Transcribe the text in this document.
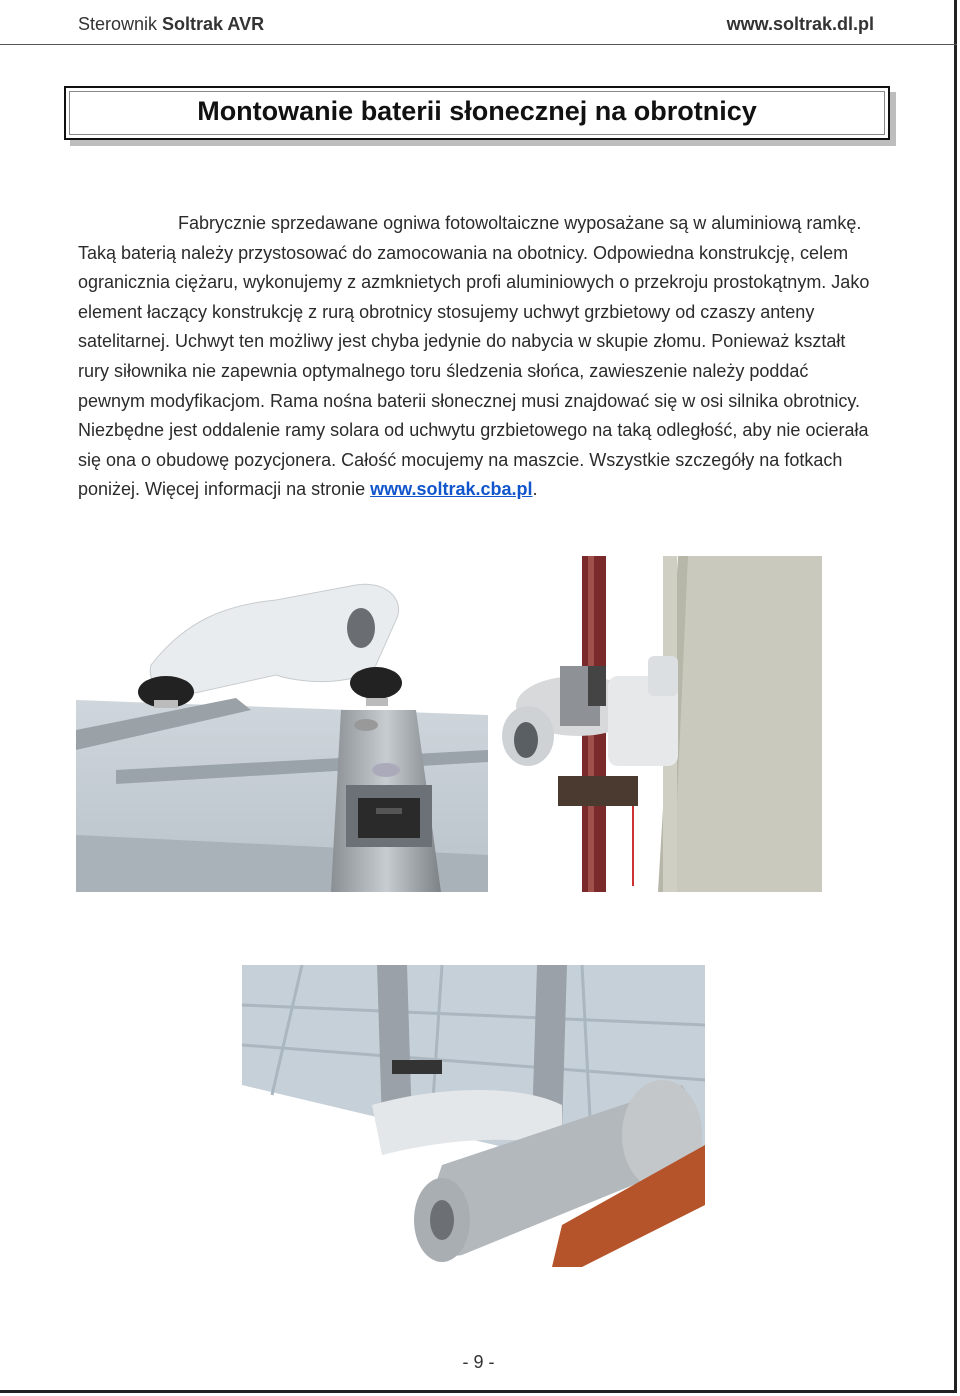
Sterownik Soltrak AVR	www.soltrak.dl.pl
Montowanie baterii słonecznej na obrotnicy

Fabrycznie sprzedawane ogniwa fotowoltaiczne wyposażane są w aluminiową ramkę. Taką baterią należy przystosować do zamocowania na obotnicy. Odpowiedna konstrukcję, celem ogranicznia ciężaru, wykonujemy z azmknietych profi aluminiowych o przekroju prostokątnym. Jako element łaczący konstrukcję z rurą obrotnicy stosujemy uchwyt grzbietowy od czaszy anteny satelitarnej. Uchwyt ten możliwy jest chyba jedynie do nabycia w skupie złomu. Ponieważ kształt rury siłownika nie zapewnia optymalnego toru śledzenia słońca, zawieszenie należy poddać pewnym modyfikacjom. Rama nośna baterii słonecznej musi znajdować się w osi silnika obrotnicy. Niezbędne jest oddalenie ramy solara od uchwytu grzbietowego na taką odległość, aby nie ocierała się ona o obudowę pozycjonera. Całość mocujemy na maszcie. Wszystkie szczegóły na fotkach poniżej. Więcej informacji na stronie www.soltrak.cba.pl.

- 9 -
